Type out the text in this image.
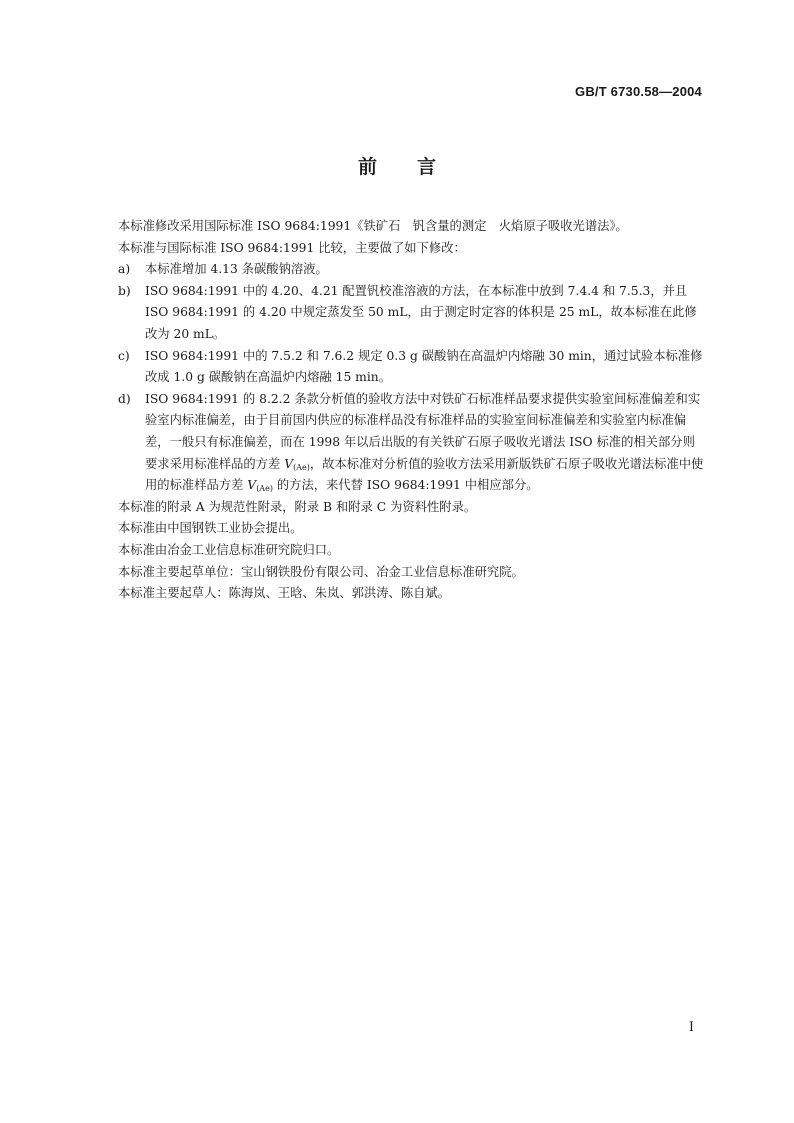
GB/T 6730.58—2004
前言

本标准修改采用国际标准 ISO 9684:1991《铁矿石　钒含量的测定　火焰原子吸收光谱法》。

本标准与国际标准 ISO 9684:1991 比较，主要做了如下修改：

a) 本标准增加 4.13 条碳酸钠溶液。
b) ISO 9684:1991 中的 4.20、4.21 配置钒校准溶液的方法，在本标准中放到 7.4.4 和 7.5.3，并且 ISO 9684:1991 的 4.20 中规定蒸发至 50 mL，由于测定时定容的体积是 25 mL，故本标准在此修改为 20 mL。
c) ISO 9684:1991 中的 7.5.2 和 7.6.2 规定 0.3 g 碳酸钠在高温炉内熔融 30 min，通过试验本标准修改成 1.0 g 碳酸钠在高温炉内熔融 15 min。
d) ISO 9684:1991 的 8.2.2 条款分析值的验收方法中对铁矿石标准样品要求提供实验室间标准偏差和实验室内标准偏差，由于目前国内供应的标准样品没有标准样品的实验室间标准偏差和实验室内标准偏差，一般只有标准偏差，而在 1998 年以后出版的有关铁矿石原子吸收光谱法 ISO 标准的相关部分则要求采用标准样品的方差 $V_{(Ae)}$，故本标准对分析值的验收方法采用新版铁矿石原子吸收光谱法标准中使用的标准样品方差 $V_{(Ae)}$ 的方法，来代替 ISO 9684:1991 中相应部分。

本标准的附录 A 为规范性附录，附录 B 和附录 C 为资料性附录。

本标准由中国钢铁工业协会提出。

本标准由冶金工业信息标准研究院归口。

本标准主要起草单位：宝山钢铁股份有限公司、冶金工业信息标准研究院。

本标准主要起草人：陈海岚、王晗、朱岚、郭洪涛、陈自斌。

I
